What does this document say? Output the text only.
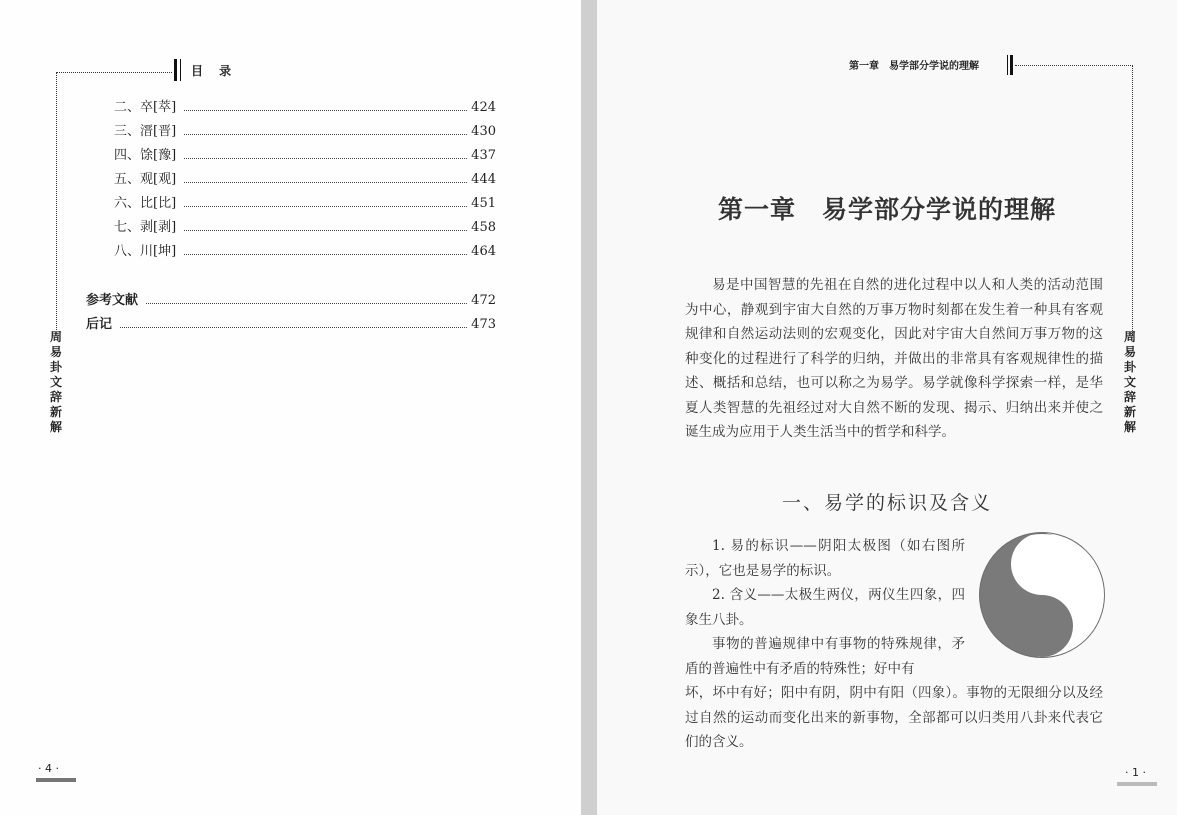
目 录
周易卦文辞新解
二、卒[萃]	424
三、溍[晋]	430
四、馀[豫]	437
五、观[观]	444
六、比[比]	451
七、剥[剥]	458
八、川[坤]	464
参考文献	472
后记	473
· 4 ·
第一章　易学部分学说的理解
周易卦文辞新解
第一章　易学部分学说的理解

易是中国智慧的先祖在自然的进化过程中以人和人类的活动范围为中心，静观到宇宙大自然的万事万物时刻都在发生着一种具有客观规律和自然运动法则的宏观变化，因此对宇宙大自然间万事万物的这种变化的过程进行了科学的归纳，并做出的非常具有客观规律性的描述、概括和总结，也可以称之为易学。易学就像科学探索一样，是华夏人类智慧的先祖经过对大自然不断的发现、揭示、归纳出来并使之诞生成为应用于人类生活当中的哲学和科学。

一、易学的标识及含义

1. 易的标识——阴阳太极图（如右图所示），它也是易学的标识。

2. 含义——太极生两仪，两仪生四象，四象生八卦。

事物的普遍规律中有事物的特殊规律，矛盾的普遍性中有矛盾的特殊性；好中有

坏，坏中有好；阳中有阴，阴中有阳（四象）。事物的无限细分以及经过自然的运动而变化出来的新事物，全部都可以归类用八卦来代表它们的含义。

· 1 ·
